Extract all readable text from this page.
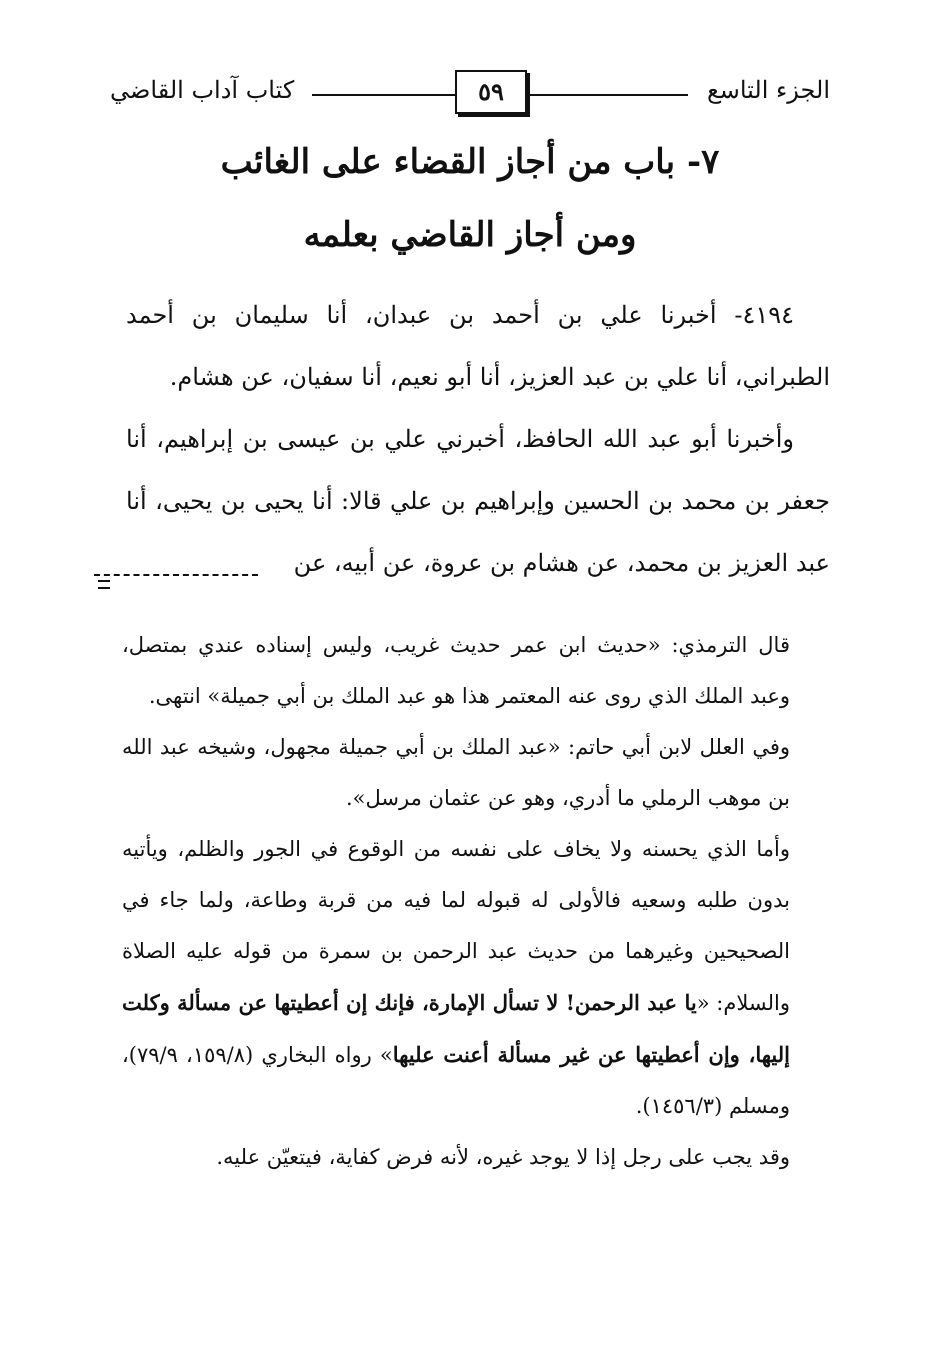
الجزء التاسع
٥٩
كتاب آداب القاضي
٧- باب من أجاز القضاء على الغائب
ومن أجاز القاضي بعلمه

٤١٩٤- أخبرنا علي بن أحمد بن عبدان، أنا سليمان بن أحمد الطبراني، أنا علي بن عبد العزيز، أنا أبو نعيم، أنا سفيان، عن هشام.

وأخبرنا أبو عبد الله الحافظ، أخبرني علي بن عيسى بن إبراهيم، أنا جعفر بن محمد بن الحسين وإبراهيم بن علي قالا: أنا يحيى بن يحيى، أنا عبد العزيز بن محمد، عن هشام بن عروة، عن أبيه، عن

قال الترمذي: «حديث ابن عمر حديث غريب، وليس إسناده عندي بمتصل، وعبد الملك الذي روى عنه المعتمر هذا هو عبد الملك بن أبي جميلة» انتهى.

وفي العلل لابن أبي حاتم: «عبد الملك بن أبي جميلة مجهول، وشيخه عبد الله بن موهب الرملي ما أدري، وهو عن عثمان مرسل».

وأما الذي يحسنه ولا يخاف على نفسه من الوقوع في الجور والظلم، ويأتيه بدون طلبه وسعيه فالأولى له قبوله لما فيه من قربة وطاعة، ولما جاء في الصحيحين وغيرهما من حديث عبد الرحمن بن سمرة من قوله عليه الصلاة والسلام: «يا عبد الرحمن! لا تسأل الإمارة، فإنك إن أعطيتها عن مسألة وكلت إليها، وإن أعطيتها عن غير مسألة أعنت عليها» رواه البخاري (١٥٩/٨، ٧٩/٩)، ومسلم (١٤٥٦/٣).

وقد يجب على رجل إذا لا يوجد غيره، لأنه فرض كفاية، فيتعيّن عليه.
